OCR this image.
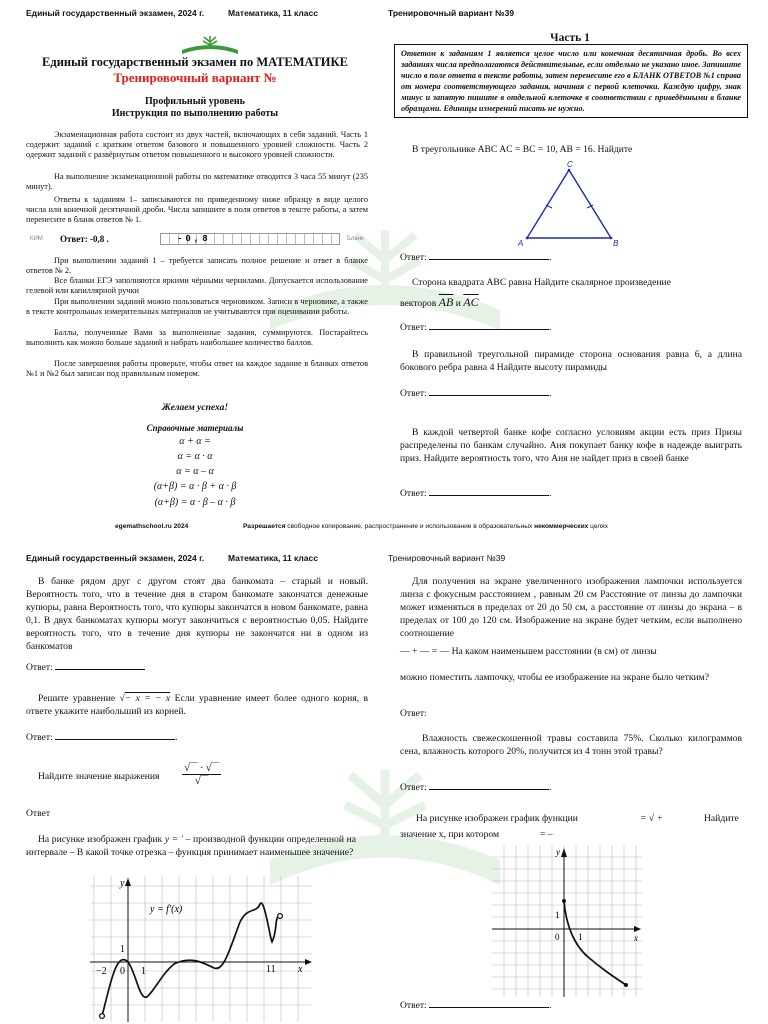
Единый государственный экзамен, 2024 г.	Математика, 11 класс	Тренировочный вариант №39
Единый государственный экзамен по МАТЕМАТИКЕ
Тренировочный вариант №
Профильный уровень
Инструкция по выполнению работы
Экзаменационная работа состоит из двух частей, включающих в себя заданий. Часть 1 содержит заданий с кратким ответом базового и повышенного уровней сложности. Часть 2 одержит заданий с развёрнутым ответом повышенного и высокого уровней сложности.
На выполнение экзаменационной работы по математике отводится 3 часа 55 минут (235 минут).
Ответы к заданиям 1– записываются по приведенному ниже образцу в виде целого числа или конечной десятичной дроби. Числа запишите в поля ответов в тексте работы, а затем перенесите в бланк ответов № 1.
КИМ Ответ: -0,8 .	-0,8	Бланк
При выполнении заданий 1 – требуется записать полное решение и ответ в бланке ответов № 2.
Все бланки ЕГЭ заполняются яркими чёрными чернилами. Допускается использование гелевой или капиллярной ручки
При выполнении заданий можно пользоваться черновиком. Записи в черновике, а также в тексте контрольных измерительных материалов не учитываются при оценивании работы.
Баллы, полученные Вами за выполненные задания, суммируются. Постарайтесь выполнить как можно больше заданий и набрать наибольшее количество баллов.
После завершения работы проверьте, чтобы ответ на каждое задание в бланках ответов №1 и №2 был записан под правильным номером.
Желаем успеха!
Справочные материалы
α + α =
α = α · α
α = α – α
(α+β) = α · β + α · β
(α+β) = α · β – α · β
Часть 1
Ответом к заданиям 1 является целое число или конечная десятичная дробь. Во всех заданиях числа предполагаются действительные, если отдельно не указано иное. Запишите число в поле ответа в тексте работы, затем перенесите его в БЛАНК ОТВЕТОВ №1 справа от номера соответствующего задания, начиная с первой клеточки. Каждую цифру, знак минус и запятую пишите в отдельной клеточке в соответствии с приведёнными в бланке образцами. Единицы измерений писать не нужно.
В треугольнике ABC AC = BC = 10, AB = 16. Найдите
C
A	B
Ответ:	.
Сторона квадрата ABC равна Найдите скалярное произведение
векторов $\overline{AB}$ и $\overline{AC}$
Ответ:	.
В правильной треугольной пирамиде сторона основания равна 6, а длина бокового ребра равна 4 Найдите высоту пирамиды
Ответ:	.
В каждой четвертой банке кофе согласно условиям акции есть приз Призы распределены по банкам случайно. Аня покупает банку кофе в надежде выиграть приз. Найдите вероятность того, что Аня не найдет приз в своей банке
Ответ:	.
egemathschool.ru 2024	Разрешается свободное копирование, распространение и использование в образовательных некоммерческих целях
Единый государственный экзамен, 2024 г.	Математика, 11 класс	Тренировочный вариант №39
В банке рядом друг с другом стоят два банкомата – старый и новый. Вероятность того, что в течение дня в старом банкомате закончатся денежные купюры, равна Вероятность того, что купюры закончатся в новом банкомате, равна 0,1. В двух банкоматах купюры могут закончиться с вероятностью 0,05. Найдите вероятность того, что в течение дня купюры не закончатся ни в одном из банкоматов
Ответ:
Решите уравнение √− x = − x Если уравнение имеет более одного корня, в ответе укажите наибольший из корней.
Ответ:	.
Найдите значение выражения
√‾‾ · √‾‾
√‾‾
Ответ
На рисунке изображен график y = ′ – производной функции определенной на интервале – В какой точке отрезка – функция принимает наименьшее значение?
y = f′(x)
−2 0 1	11 x
y
1
Для получения на экране увеличенного изображения лампочки используется линза с фокусным расстоянием , равным 20 см Расстояние от линзы до лампочки может изменяться в пределах от 20 до 50 см, а расстояние от линзы до экрана – в пределах от 100 до 120 см. Изображение на экране будет четким, если выполнено соотношение
— + — = — На каком наименьшем расстоянии (в см) от линзы
можно поместить лампочку, чтобы ее изображение на экране было четким?
Ответ:
Влажность свежескошенной травы составила 75%. Сколько килограммов сена, влажность которого 20%, получится из 4 тонн этой травы?
Ответ:	.
На рисунке изображен график функции	= √ +	Найдите
значение x, при котором	= –
y
x
0 1
1
Ответ:	.
